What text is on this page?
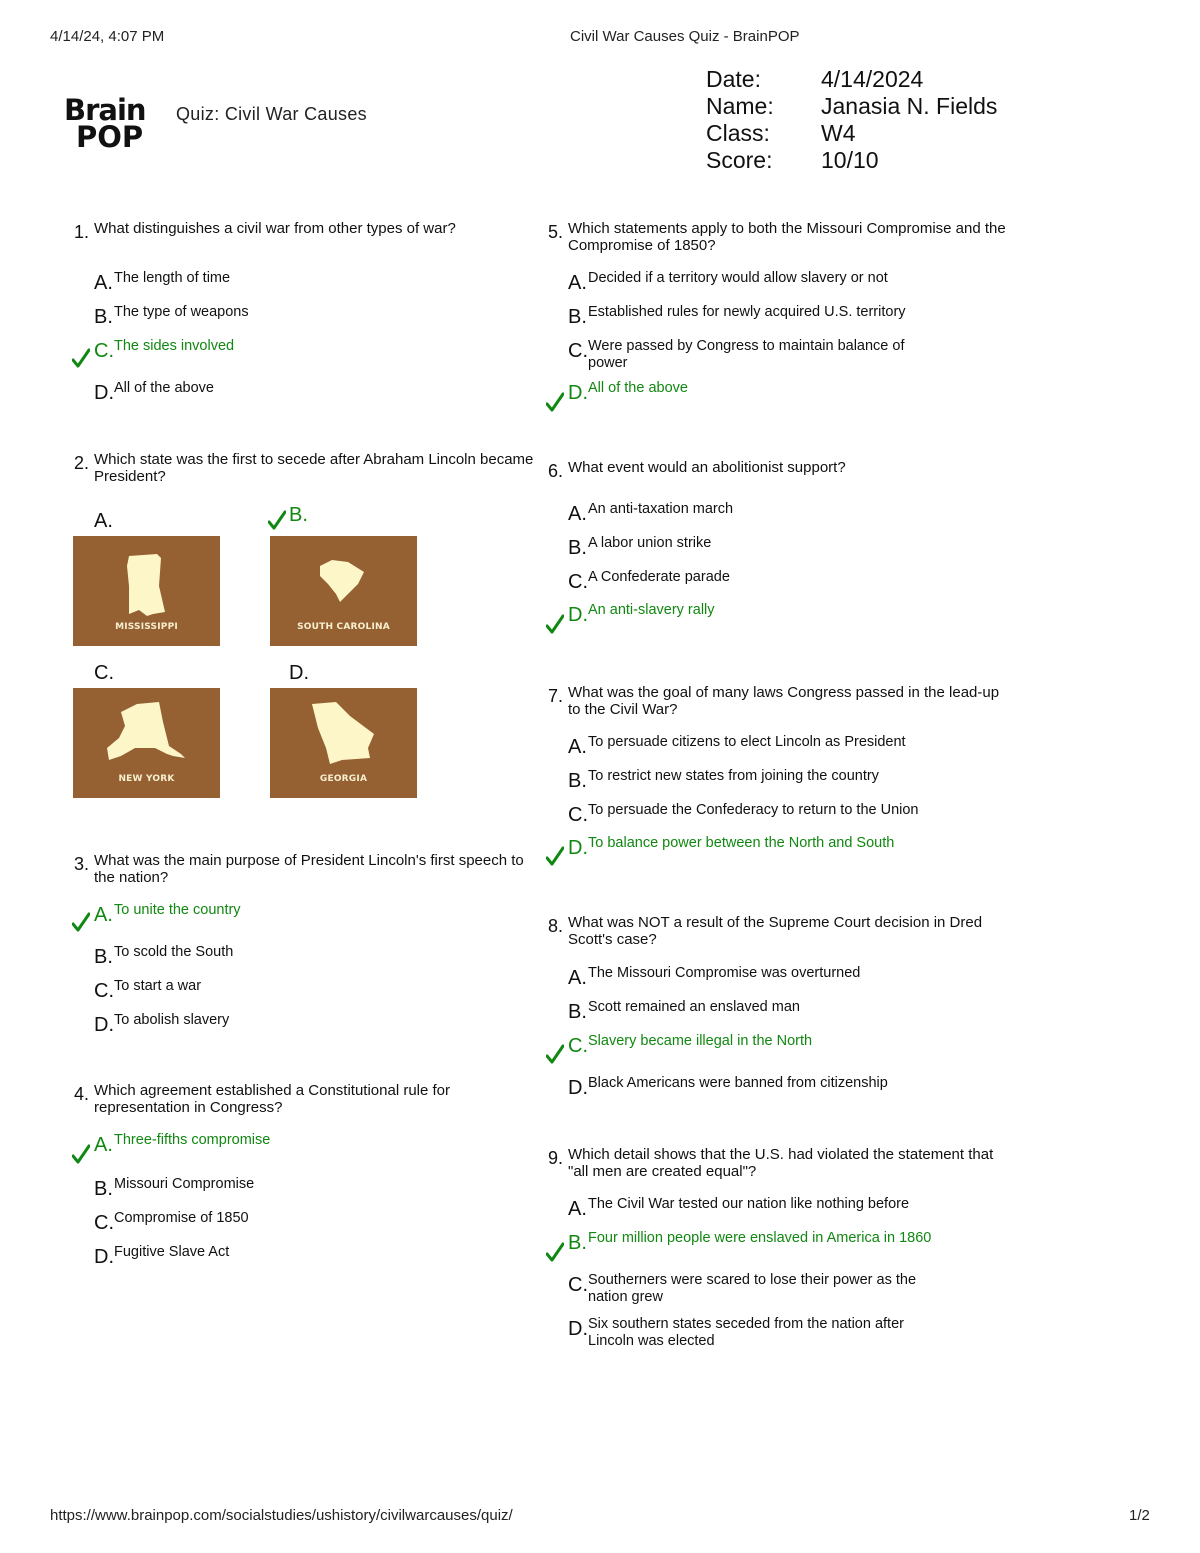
4/14/24, 4:07 PM	Civil War Causes Quiz - BrainPOP
Brain
POP
Quiz: Civil War Causes
Date:	4/14/2024
Name:	Janasia N. Fields
Class:	W4
Score:	10/10
1. What distinguishes a civil war from other types of war?
A. The length of time
B. The type of weapons
C. The sides involved
D. All of the above
2. Which state was the first to secede after Abraham Lincoln became President?
A.	B.
C.	D.
MISSISSIPPI	SOUTH CAROLINA
NEW YORK	GEORGIA
3. What was the main purpose of President Lincoln's first speech to the nation?
A. To unite the country
B. To scold the South
C. To start a war
D. To abolish slavery
4. Which agreement established a Constitutional rule for representation in Congress?
A. Three-fifths compromise
B. Missouri Compromise
C. Compromise of 1850
D. Fugitive Slave Act
5. Which statements apply to both the Missouri Compromise and the Compromise of 1850?
A. Decided if a territory would allow slavery or not
B. Established rules for newly acquired U.S. territory
C. Were passed by Congress to maintain balance of power
D. All of the above
6. What event would an abolitionist support?
A. An anti-taxation march
B. A labor union strike
C. A Confederate parade
D. An anti-slavery rally
7. What was the goal of many laws Congress passed in the lead-up to the Civil War?
A. To persuade citizens to elect Lincoln as President
B. To restrict new states from joining the country
C. To persuade the Confederacy to return to the Union
D. To balance power between the North and South
8. What was NOT a result of the Supreme Court decision in Dred Scott's case?
A. The Missouri Compromise was overturned
B. Scott remained an enslaved man
C. Slavery became illegal in the North
D. Black Americans were banned from citizenship
9. Which detail shows that the U.S. had violated the statement that "all men are created equal"?
A. The Civil War tested our nation like nothing before
B. Four million people were enslaved in America in 1860
C. Southerners were scared to lose their power as the nation grew
D. Six southern states seceded from the nation after Lincoln was elected
https://www.brainpop.com/socialstudies/ushistory/civilwarcauses/quiz/	1/2
